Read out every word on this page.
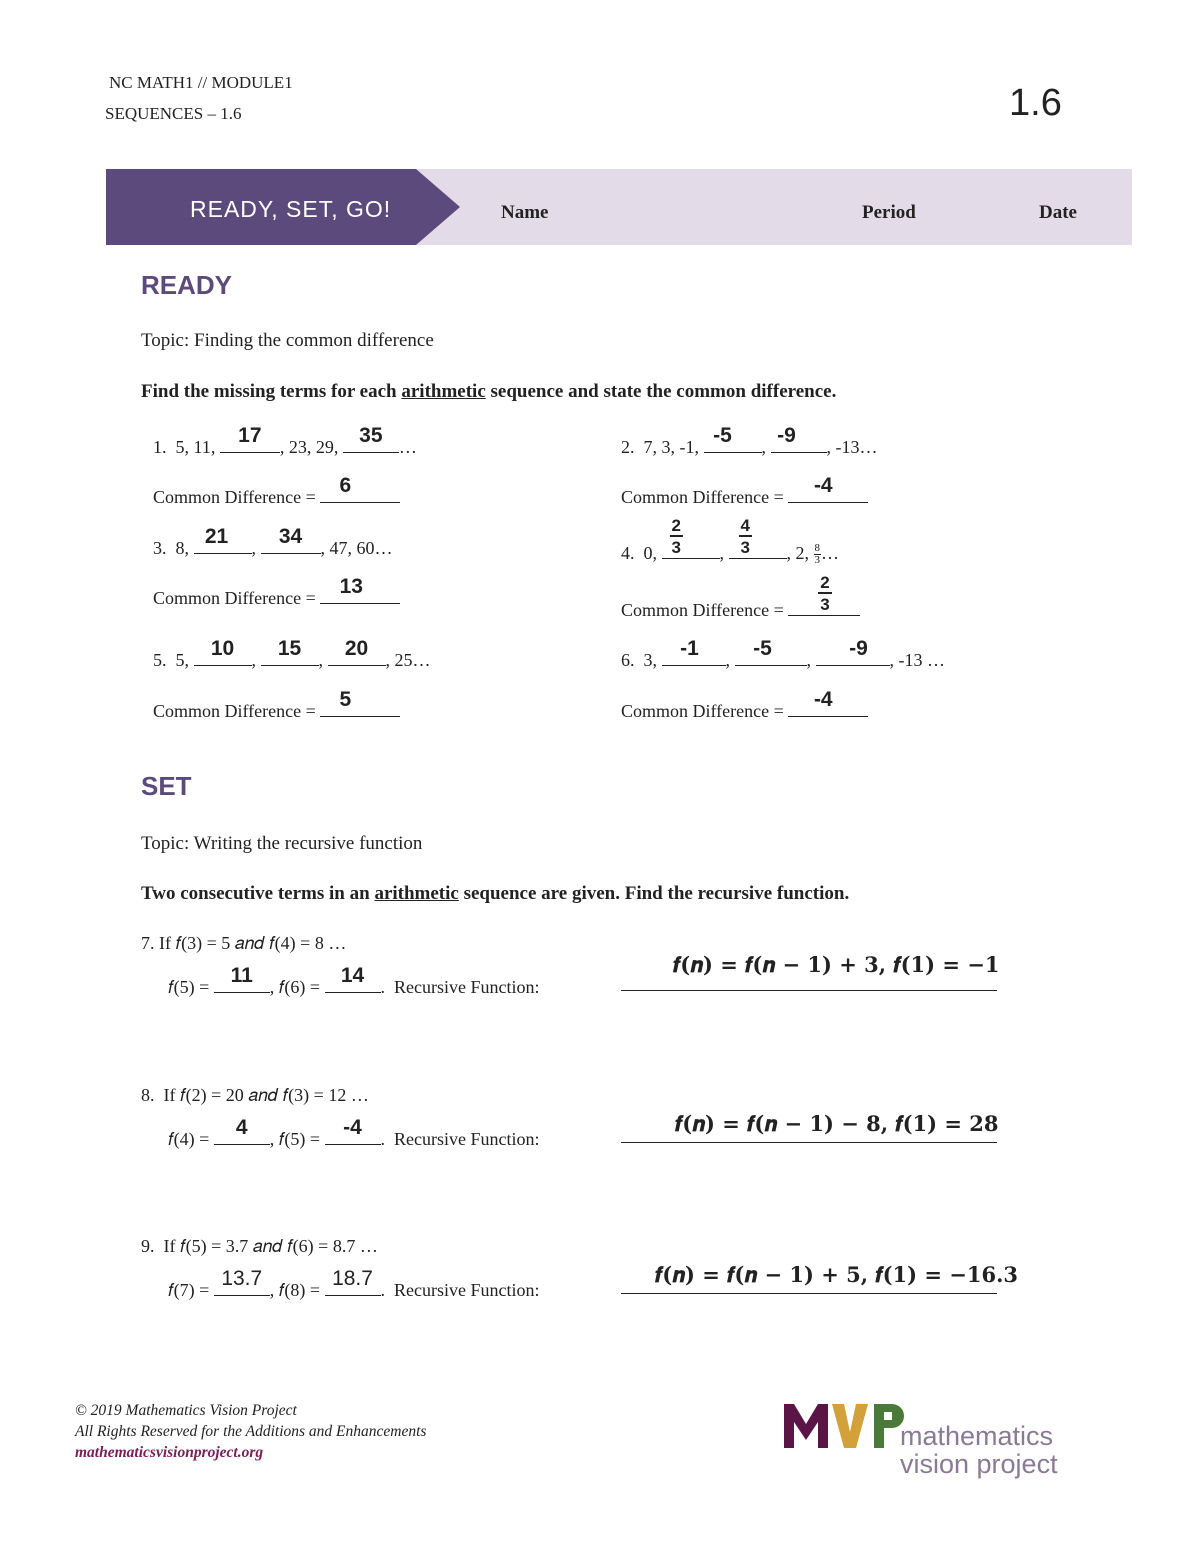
NC MATH1 // MODULE1
SEQUENCES – 1.6	1.6
READY, SET, GO!	Name	Period	Date
READY
Topic: Finding the common difference
Find the missing terms for each arithmetic sequence and state the common difference.
1. 5, 11,	17	, 23, 29, 35 …
Common Difference =	6
2. 7, 3, -1, -5	, -9	, -13…
Common Difference =	-4
3. 8, 21	,	34	, 47, 60…
Common Difference =	13
4. 0, $\frac{2}{3}$ , $\frac{4}{3}$ , 2, $\frac{8}{3}$ …
Common Difference = $\frac{2}{3}$
5. 5,	10 ,	15 ,	20 , 25…
Common Difference =	5
6. 3,	-1	,	-5	,	-9	, -13 …
Common Difference =	-4
SET
Topic: Writing the recursive function
Two consecutive terms in an arithmetic sequence are given. Find the recursive function.
7. If 𝑓(3) = 5 𝑎𝑛𝑑 𝑓(4) = 8 …
𝑓(5) =	11 , 𝑓(6) = 14 .  Recursive Function:
𝒇(𝒏) = 𝒇(𝒏 − 𝟏) + 𝟑, 𝒇(𝟏) = −𝟏
8. If 𝑓(2) = 20 𝑎𝑛𝑑 𝑓(3) = 12 …
𝑓(4) =	4	, 𝑓(5) =	-4	.  Recursive Function:
𝒇(𝒏) = 𝒇(𝒏 − 𝟏) − 𝟖, 𝒇(𝟏) = 𝟐𝟖
9. If 𝑓(5) = 3.7 𝑎𝑛𝑑 𝑓(6) = 8.7 …
𝑓(7) = 13.7 , 𝑓(8) = 18.7 .  Recursive Function:
𝒇(𝒏) = 𝒇(𝒏 − 𝟏) + 𝟓, 𝒇(𝟏) = −𝟏𝟔.𝟑
© 2019 Mathematics Vision Project
All Rights Reserved for the Additions and Enhancements
mathematicsvisionproject.org
mathematics
vision project
